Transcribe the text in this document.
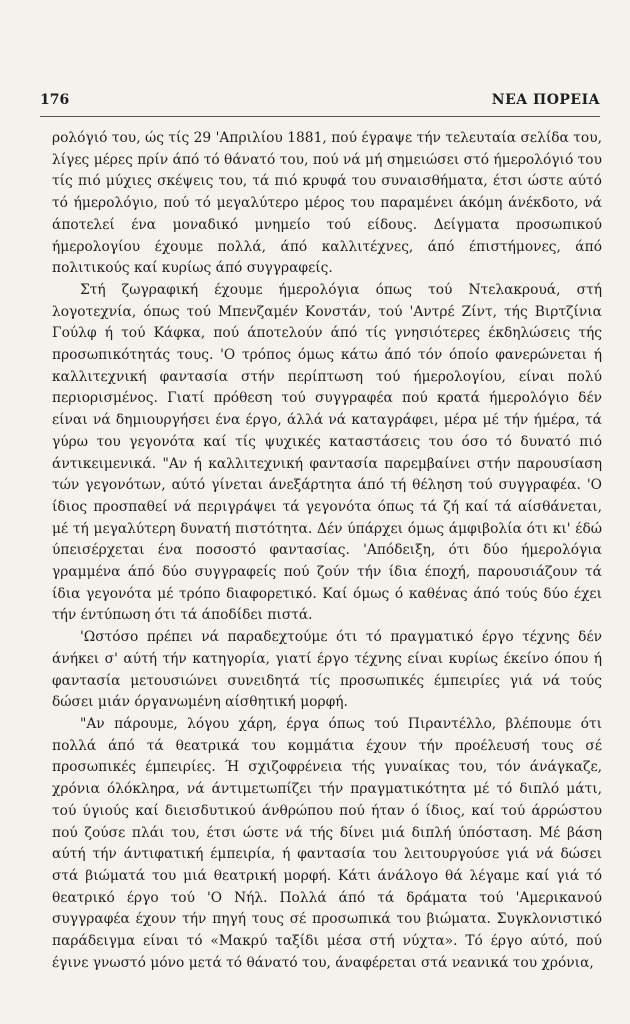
176	ΝΕΑ ΠΟΡΕΙΑ

ρολόγιό του, ώς τίς 29 'Απριλίου 1881, πού έγραψε τήν τελευταία σελίδα του, λίγες μέρες πρίν άπό τό θάνατό του, πού νά μή σημειώσει στό ήμερολόγιό του τίς πιό μύχιες σκέψεις του, τά πιό κρυφά του συναισθήματα, έτσι ώστε αύτό τό ήμερολόγιο, πού τό μεγαλύτερο μέρος του παραμένει άκόμη άνέκδοτο, νά άποτελεί ένα μοναδικό μνημείο τού είδους. Δείγματα προσωπικού ήμερολογίου έχουμε πολλά, άπό καλλιτέχνες, άπό έπιστήμονες, άπό πολιτικούς καί κυρίως άπό συγγραφείς.

Στή ζωγραφική έχουμε ήμερολόγια όπως τού Ντελακρουά, στή λογοτεχνία, όπως τού Μπενζαμέν Κονστάν, τού 'Αντρέ Ζίντ, τής Βιρτζίνια Γούλφ ή τού Κάφκα, πού άποτελούν άπό τίς γνησιότερες έκδηλώσεις τής προσωπικότητάς τους. 'Ο τρόπος όμως κάτω άπό τόν όποίο φανερώνεται ή καλλιτεχνική φαντασία στήν περίπτωση τού ήμερολογίου, είναι πολύ περιορισμένος. Γιατί πρόθεση τού συγγραφέα πού κρατά ήμερολόγιο δέν είναι νά δημιουργήσει ένα έργο, άλλά νά καταγράφει, μέρα μέ τήν ήμέρα, τά γύρω του γεγονότα καί τίς ψυχικές καταστάσεις του όσο τό δυνατό πιό άντικειμενικά. "Αν ή καλλιτεχνική φαντασία παρεμβαίνει στήν παρουσίαση τών γεγονότων, αύτό γίνεται άνεξάρτητα άπό τή θέληση τού συγγραφέα. 'Ο ίδιος προσπαθεί νά περιγράψει τά γεγονότα όπως τά ζή καί τά αίσθάνεται, μέ τή μεγαλύτερη δυνατή πιστότητα. Δέν ύπάρχει όμως άμφιβολία ότι κι' έδώ ύπεισέρχεται ένα ποσοστό φαντασίας. 'Απόδειξη, ότι δύο ήμερολόγια γραμμένα άπό δύο συγγραφείς πού ζούν τήν ίδια έποχή, παρουσιάζουν τά ίδια γεγονότα μέ τρόπο διαφορετικό. Καί όμως ό καθένας άπό τούς δύο έχει τήν έντύπωση ότι τά άποδίδει πιστά.

'Ωστόσο πρέπει νά παραδεχτούμε ότι τό πραγματικό έργο τέχνης δέν άνήκει σ' αύτή τήν κατηγορία, γιατί έργο τέχνης είναι κυρίως έκείνο όπου ή φαντασία μετουσιώνει συνειδητά τίς προσωπικές έμπειρίες γιά νά τούς δώσει μιάν όργανωμένη αίσθητική μορφή.

"Αν πάρουμε, λόγου χάρη, έργα όπως τού Πιραντέλλο, βλέπουμε ότι πολλά άπό τά θεατρικά του κομμάτια έχουν τήν προέλευσή τους σέ προσωπικές έμπειρίες. Ή σχιζοφρένεια τής γυναίκας του, τόν άνάγκαζε, χρόνια όλόκληρα, νά άντιμετωπίζει τήν πραγματικότητα μέ τό διπλό μάτι, τού ύγιούς καί διεισδυτικού άνθρώπου πού ήταν ό ίδιος, καί τού άρρώστου πού ζούσε πλάι του, έτσι ώστε νά τής δίνει μιά διπλή ύπόσταση. Μέ βάση αύτή τήν άντιφατική έμπειρία, ή φαντασία του λειτουργούσε γιά νά δώσει στά βιώματά του μιά θεατρική μορφή. Κάτι άνάλογο θά λέγαμε καί γιά τό θεατρικό έργο τού 'Ο Νήλ. Πολλά άπό τά δράματα τού 'Αμερικανού συγγραφέα έχουν τήν πηγή τους σέ προσωπικά του βιώματα. Συγκλονιστικό παράδειγμα είναι τό «Μακρύ ταξίδι μέσα στή νύχτα». Τό έργο αύτό, πού έγινε γνωστό μόνο μετά τό θάνατό του, άναφέρεται στά νεανικά του χρόνια,
